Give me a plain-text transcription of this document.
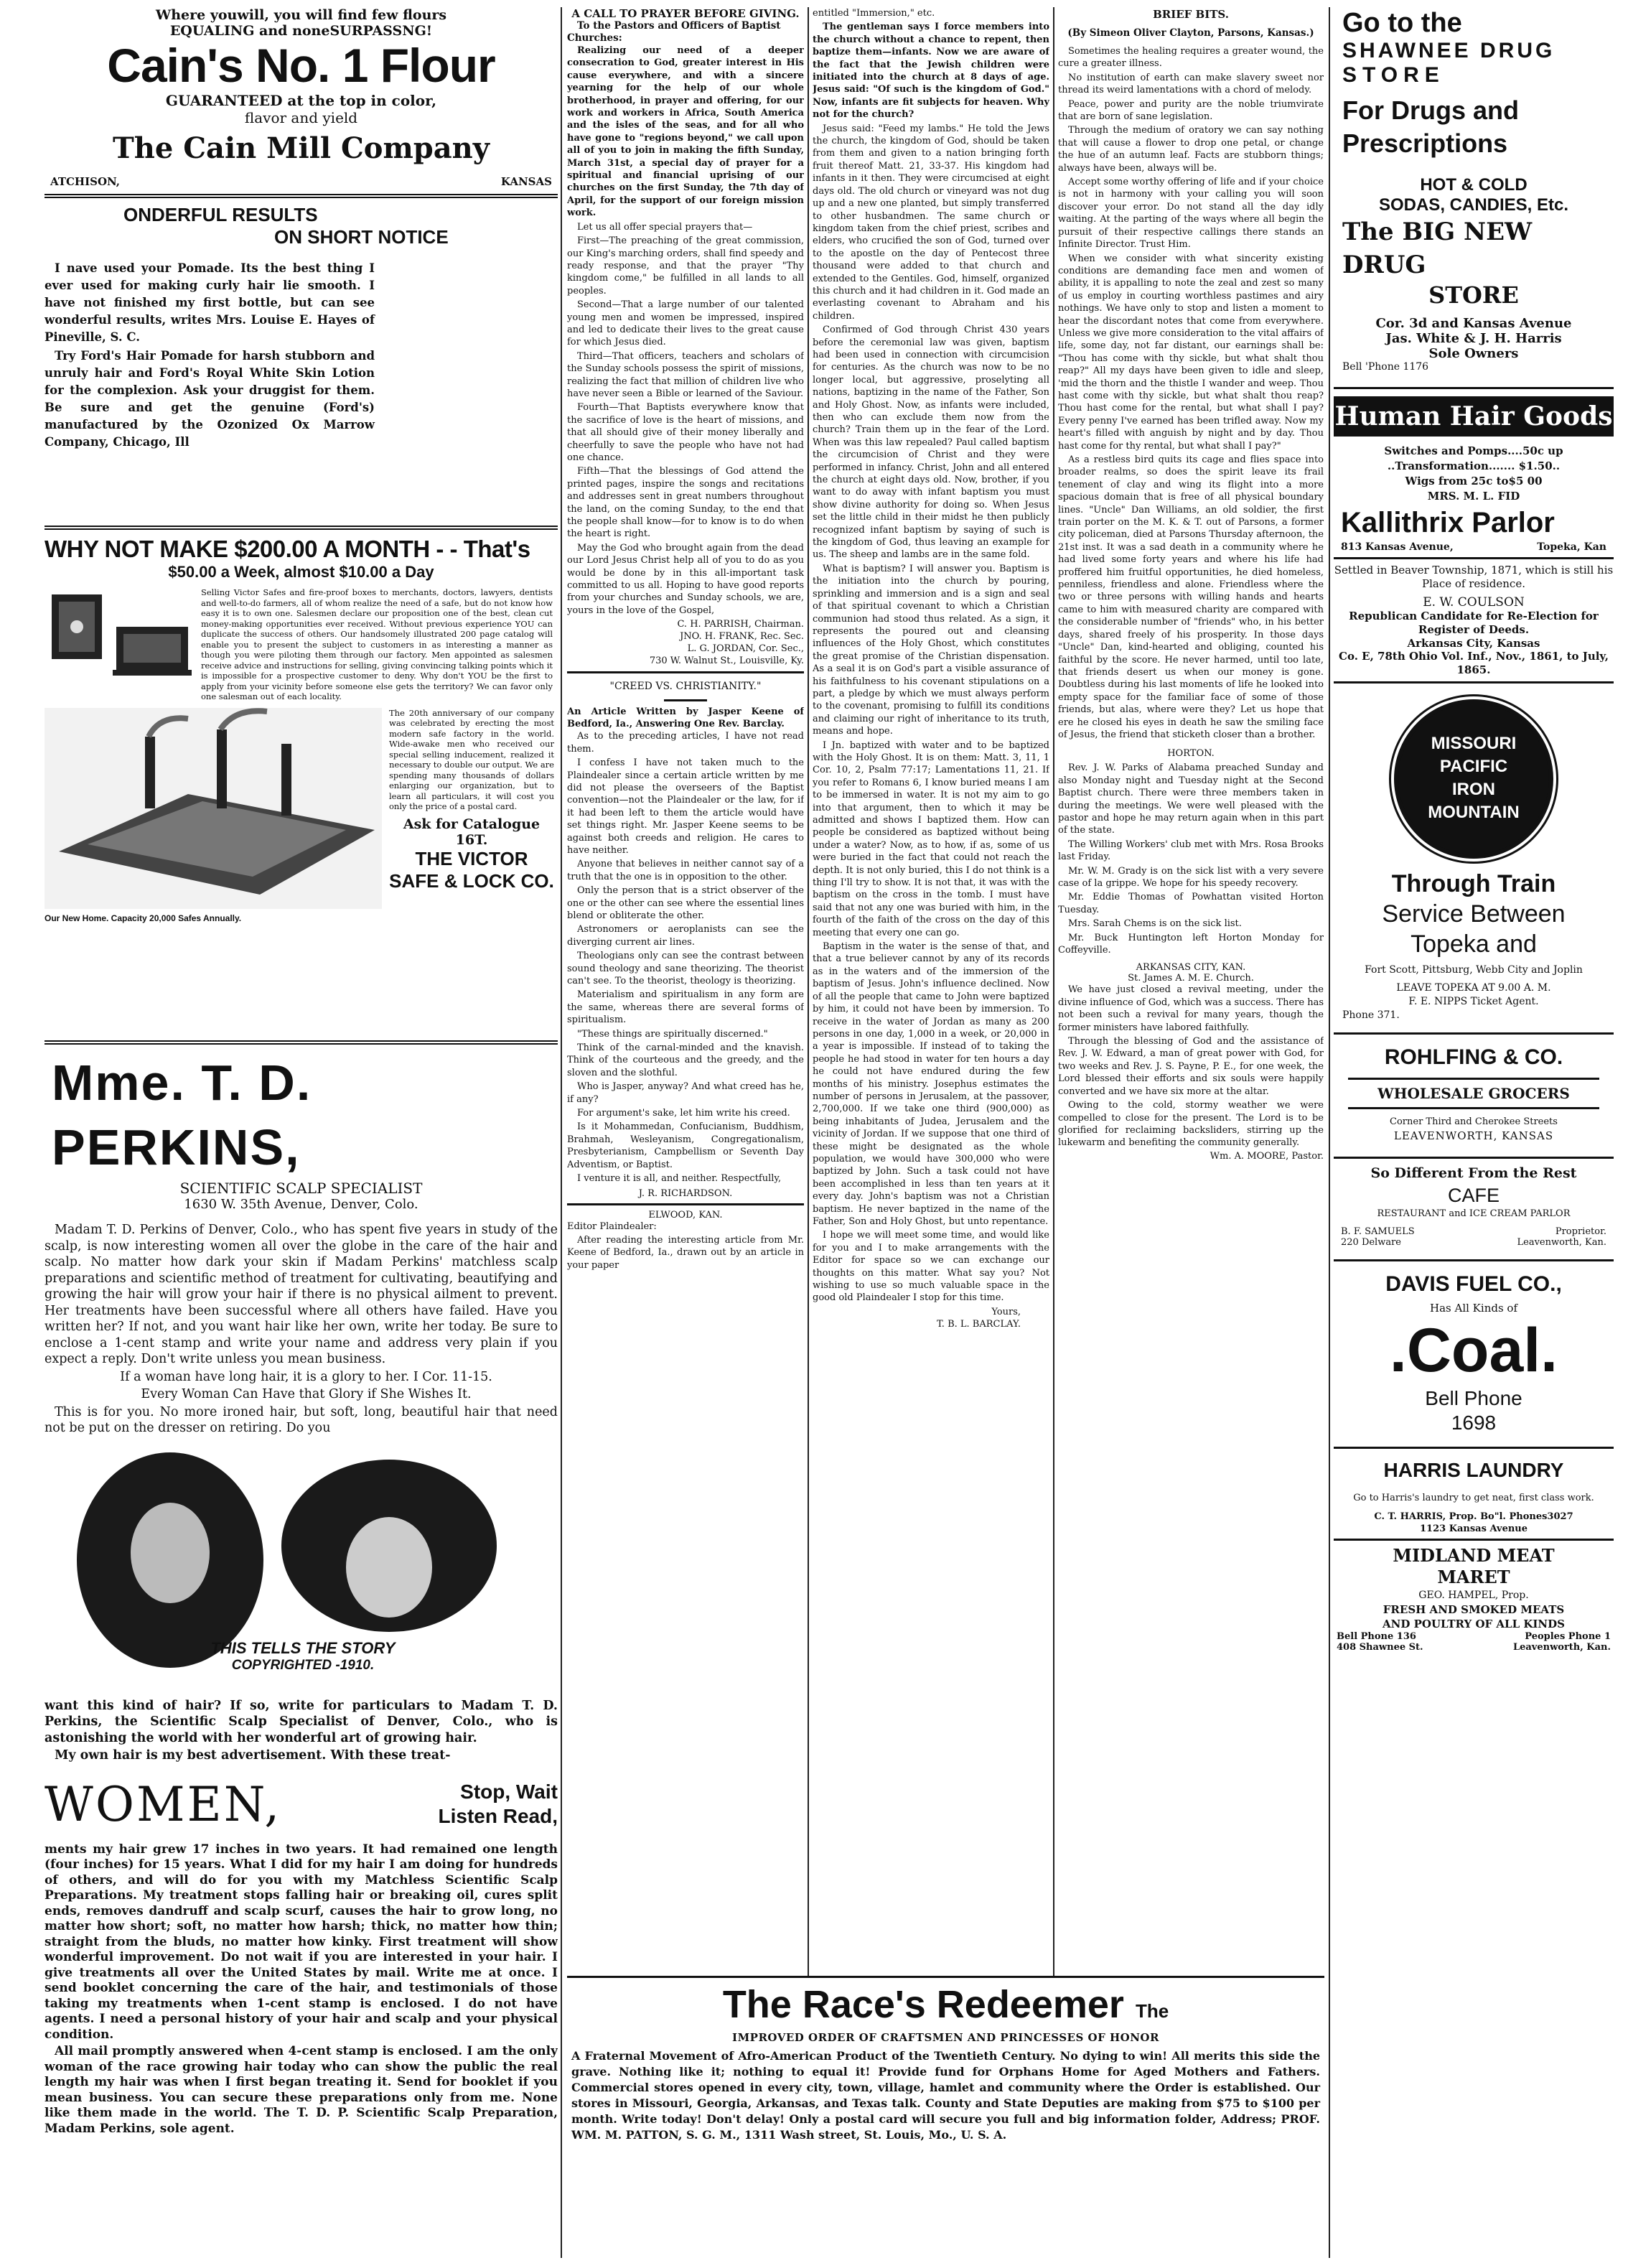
Where youwill, you will find few flours
EQUALING and noneSURPASSNG!
Cain's No. 1 Flour
GUARANTEED at the top in color,
flavor and yield
The Cain Mill Company
ATCHISON,	KANSAS
ONDERFUL RESULTS
ON SHORT NOTICE

I nave used your Pomade. Its the best thing I ever used for making curly hair lie smooth. I have not finished my first bottle, but can see wonderful results, writes Mrs. Louise E. Hayes of Pineville, S. C.

Try Ford's Hair Pomade for harsh stubborn and unruly hair and Ford's Royal White Skin Lotion for the complexion. Ask your druggist for them. Be sure and get the genuine (Ford's) manufactured by the Ozonized Ox Marrow Company, Chicago, Ill

WHY NOT MAKE $200.00 A MONTH - - That's
$50.00 a Week, almost $10.00 a Day
Selling Victor Safes and fire-proof boxes to merchants, doctors, lawyers, dentists and well-to-do farmers, all of whom realize the need of a safe, but do not know how easy it is to own one. Salesmen declare our proposition one of the best, clean cut money-making opportunities ever received. Without previous experience YOU can duplicate the success of others. Our handsomely illustrated 200 page catalog will enable you to present the subject to customers in as interesting a manner as though you were piloting them through our factory. Men appointed as salesmen receive advice and instructions for selling, giving convincing talking points which it is impossible for a prospective customer to deny. Why don't YOU be the first to apply from your vicinity before someone else gets the territory? We can favor only one salesman out of each locality.
The 20th anniversary of our company was celebrated by erecting the most modern safe factory in the world. Wide-awake men who received our special selling inducement, realized it necessary to double our output. We are spending many thousands of dollars enlarging our organization, but to learn all particulars, it will cost you only the price of a postal card.
Ask for Catalogue 16T.
THE VICTOR
SAFE & LOCK CO.
Our New Home. Capacity 20,000 Safes Annually.
Mme. T. D. PERKINS,
SCIENTIFIC SCALP SPECIALIST
1630 W. 35th Avenue, Denver, Colo.

Madam T. D. Perkins of Denver, Colo., who has spent five years in study of the scalp, is now interesting women all over the globe in the care of the hair and scalp. No matter how dark your skin if Madam Perkins' matchless scalp preparations and scientific method of treatment for cultivating, beautifying and growing the hair will grow your hair if there is no physical ailment to prevent. Her treatments have been successful where all others have failed. Have you written her? If not, and you want hair like her own, write her today. Be sure to enclose a 1-cent stamp and write your name and address very plain if you expect a reply. Don't write unless you mean business.

If a woman have long hair, it is a glory to her. I Cor. 11-15.

Every Woman Can Have that Glory if She Wishes It.

This is for you. No more ironed hair, but soft, long, beautiful hair that need not be put on the dresser on retiring. Do you

THIS TELLS THE STORY
COPYRIGHTED -1910.

want this kind of hair? If so, write for particulars to Madam T. D. Perkins, the Scientific Scalp Specialist of Denver, Colo., who is astonishing the world with her wonderful art of growing hair.

My own hair is my best advertisement. With these treat-

WOMEN,	Stop, Wait
Listen Read,

ments my hair grew 17 inches in two years. It had remained one length (four inches) for 15 years. What I did for my hair I am doing for hundreds of others, and will do for you with my Matchless Scientific Scalp Preparations. My treatment stops falling hair or breaking oil, cures split ends, removes dandruff and scalp scurf, causes the hair to grow long, no matter how short; soft, no matter how harsh; thick, no matter how thin; straight from the bluds, no matter how kinky. First treatment will show wonderful improvement. Do not wait if you are interested in your hair. I give treatments all over the United States by mail. Write me at once. I send booklet concerning the care of the hair, and testimonials of those taking my treatments when 1-cent stamp is enclosed. I do not have agents. I need a personal history of your hair and scalp and your physical condition.

All mail promptly answered when 4-cent stamp is enclosed. I am the only woman of the race growing hair today who can show the public the real length my hair was when I first began treating it. Send for booklet if you mean business. You can secure these preparations only from me. None like them made in the world. The T. D. P. Scientific Scalp Preparation, Madam Perkins, sole agent.

A CALL TO PRAYER BEFORE GIVING.
To the Pastors and Officers of Baptist Churches:

Realizing our need of a deeper consecration to God, greater interest in His cause everywhere, and with a sincere yearning for the help of our whole brotherhood, in prayer and offering, for our work and workers in Africa, South America and the isles of the seas, and for all who have gone to "regions beyond," we call upon all of you to join in making the fifth Sunday, March 31st, a special day of prayer for a spiritual and financial uprising of our churches on the first Sunday, the 7th day of April, for the support of our foreign mission work.

Let us all offer special prayers that—

First—The preaching of the great commission, our King's marching orders, shall find speedy and ready response, and that the prayer "Thy kingdom come," be fulfilled in all lands to all peoples.

Second—That a large number of our talented young men and women be impressed, inspired and led to dedicate their lives to the great cause for which Jesus died.

Third—That officers, teachers and scholars of the Sunday schools possess the spirit of missions, realizing the fact that million of children live who have never seen a Bible or learned of the Saviour.

Fourth—That Baptists everywhere know that the sacrifice of love is the heart of missions, and that all should give of their money liberally and cheerfully to save the people who have not had one chance.

Fifth—That the blessings of God attend the printed pages, inspire the songs and recitations and addresses sent in great numbers throughout the land, on the coming Sunday, to the end that the people shall know—for to know is to do when the heart is right.

May the God who brought again from the dead our Lord Jesus Christ help all of you to do as you would be done by in this all-important task committed to us all. Hoping to have good reports from your churches and Sunday schools, we are, yours in the love of the Gospel,

C. H. PARRISH, Chairman.
JNO. H. FRANK, Rec. Sec.
L. G. JORDAN, Cor. Sec.,
730 W. Walnut St., Louisville, Ky.
"CREED VS. CHRISTIANITY."
An Article Written by Jasper Keene of Bedford, Ia., Answering One Rev. Barclay.

As to the preceding articles, I have not read them.

I confess I have not taken much to the Plaindealer since a certain article written by me did not please the overseers of the Baptist convention—not the Plaindealer or the law, for if it had been left to them the article would have set things right. Mr. Jasper Keene seems to be against both creeds and religion. He cares to have neither.

Anyone that believes in neither cannot say of a truth that the one is in opposition to the other.

Only the person that is a strict observer of the one or the other can see where the essential lines blend or obliterate the other.

Astronomers or aeroplanists can see the diverging current air lines.

Theologians only can see the contrast between sound theology and sane theorizing. The theorist can't see. To the theorist, theology is theorizing.

Materialism and spiritualism in any form are the same, whereas there are several forms of spiritualism.

"These things are spiritually discerned."

Think of the carnal-minded and the knavish. Think of the courteous and the greedy, and the sloven and the slothful.

Who is Jasper, anyway? And what creed has he, if any?

For argument's sake, let him write his creed.

Is it Mohammedan, Confucianism, Buddhism, Brahmah, Wesleyanism, Congregationalism, Presbyterianism, Campbellism or Seventh Day Adventism, or Baptist.

I venture it is all, and neither. Respectfully,

J. R. RICHARDSON.
ELWOOD, KAN.

Editor Plaindealer:

After reading the interesting article from Mr. Keene of Bedford, Ia., drawn out by an article in your paper

entitled "Immersion," etc.

The gentleman says I force members into the church without a chance to repent, then baptize them—infants. Now we are aware of the fact that the Jewish children were initiated into the church at 8 days of age. Jesus said: "Of such is the kingdom of God." Now, infants are fit subjects for heaven. Why not for the church?

Jesus said: "Feed my lambs." He told the Jews the church, the kingdom of God, should be taken from them and given to a nation bringing forth fruit thereof Matt. 21, 33-37. His kingdom had infants in it then. They were circumcised at eight days old. The old church or vineyard was not dug up and a new one planted, but simply transferred to other husbandmen. The same church or kingdom taken from the chief priest, scribes and elders, who crucified the son of God, turned over to the apostle on the day of Pentecost three thousand were added to that church and extended to the Gentiles. God, himself, organized this church and it had children in it. God made an everlasting covenant to Abraham and his children.

Confirmed of God through Christ 430 years before the ceremonial law was given, baptism had been used in connection with circumcision for centuries. As the church was now to be no longer local, but aggressive, proselyting all nations, baptizing in the name of the Father, Son and Holy Ghost. Now, as infants were included, then who can exclude them now from the church? Train them up in the fear of the Lord. When was this law repealed? Paul called baptism the circumcision of Christ and they were performed in infancy. Christ, John and all entered the church at eight days old. Now, brother, if you want to do away with infant baptism you must show divine authority for doing so. When Jesus set the little child in their midst he then publicly recognized infant baptism by saying of such is the kingdom of God, thus leaving an example for us. The sheep and lambs are in the same fold.

What is baptism? I will answer you. Baptism is the initiation into the church by pouring, sprinkling and immersion and is a sign and seal of that spiritual covenant to which a Christian communion had stood thus related. As a sign, it represents the poured out and cleansing influences of the Holy Ghost, which constitutes the great promise of the Christian dispensation. As a seal it is on God's part a visible assurance of his faithfulness to his covenant stipulations on a part, a pledge by which we must always perform to the covenant, promising to fulfill its conditions and claiming our right of inheritance to its truth, means and hope.

I Jn. baptized with water and to be baptized with the Holy Ghost. It is on them: Matt. 3, 11, 1 Cor. 10, 2, Psalm 77:17; Lamentations 11, 21. If you refer to Romans 6, I know buried means I am to be immersed in water. It is not my aim to go into that argument, then to which it may be admitted and shows I baptized them. How can people be considered as baptized without being under a water? Now, as to how, if as, some of us were buried in the fact that could not reach the depth. It is not only buried, this I do not think is a thing I'll try to show. It is not that, it was with the baptism on the cross in the tomb. I must have said that not any one was buried with him, in the fourth of the faith of the cross on the day of this meeting that every one can go.

Baptism in the water is the sense of that, and that a true believer cannot by any of its records as in the waters and of the immersion of the baptism of Jesus. John's influence declined. Now of all the people that came to John were baptized by him, it could not have been by immersion. To receive in the water of Jordan as many as 200 persons in one day, 1,000 in a week, or 20,000 in a year is impossible. If instead of to taking the people he had stood in water for ten hours a day he could not have endured during the few months of his ministry. Josephus estimates the number of persons in Jerusalem, at the passover, 2,700,000. If we take one third (900,000) as being inhabitants of Judea, Jerusalem and the vicinity of Jordan. If we suppose that one third of these might be designated as the whole population, we would have 300,000 who were baptized by John. Such a task could not have been accomplished in less than ten years at it every day. John's baptism was not a Christian baptism. He never baptized in the name of the Father, Son and Holy Ghost, but unto repentance.

I hope we will meet some time, and would like for you and I to make arrangements with the Editor for space so we can exchange our thoughts on this matter. What say you? Not wishing to use so much valuable space in the good old Plaindealer I stop for this time.

Yours,
T. B. L. BARCLAY.
BRIEF BITS.
(By Simeon Oliver Clayton, Parsons, Kansas.)

Sometimes the healing requires a greater wound, the cure a greater illness.

No institution of earth can make slavery sweet nor thread its weird lamentations with a chord of melody.

Peace, power and purity are the noble triumvirate that are born of sane legislation.

Through the medium of oratory we can say nothing that will cause a flower to drop one petal, or change the hue of an autumn leaf. Facts are stubborn things; always have been, always will be.

Accept some worthy offering of life and if your choice is not in harmony with your calling you will soon discover your error. Do not stand all the day idly waiting. At the parting of the ways where all begin the pursuit of their respective callings there stands an Infinite Director. Trust Him.

When we consider with what sincerity existing conditions are demanding face men and women of ability, it is appalling to note the zeal and zest so many of us employ in courting worthless pastimes and airy nothings. We have only to stop and listen a moment to hear the discordant notes that come from everywhere. Unless we give more consideration to the vital affairs of life, some day, not far distant, our earnings shall be: "Thou has come with thy sickle, but what shalt thou reap?" All my days have been given to idle and sleep, 'mid the thorn and the thistle I wander and weep. Thou hast come with thy sickle, but what shalt thou reap? Thou hast come for the rental, but what shall I pay? Every penny I've earned has been trifled away. Now my heart's filled with anguish by night and by day. Thou hast come for thy rental, but what shall I pay?"

As a restless bird quits its cage and flies space into broader realms, so does the spirit leave its frail tenement of clay and wing its flight into a more spacious domain that is free of all physical boundary lines. "Uncle" Dan Williams, an old soldier, the first train porter on the M. K. & T. out of Parsons, a former city policeman, died at Parsons Thursday afternoon, the 21st inst. It was a sad death in a community where he had lived some forty years and where his life had proffered him fruitful opportunities, he died homeless, penniless, friendless and alone. Friendless where the two or three persons with willing hands and hearts came to him with measured charity are compared with the considerable number of "friends" who, in his better days, shared freely of his prosperity. In those days "Uncle" Dan, kind-hearted and obliging, counted his faithful by the score. He never harmed, until too late, that friends desert us when our money is gone. Doubtless during his last moments of life he looked into empty space for the familiar face of some of those friends, but alas, where were they? Let us hope that ere he closed his eyes in death he saw the smiling face of Jesus, the friend that sticketh closer than a brother.

HORTON.

Rev. J. W. Parks of Alabama preached Sunday and also Monday night and Tuesday night at the Second Baptist church. There were three members taken in during the meetings. We were well pleased with the pastor and hope he may return again when in this part of the state.

The Willing Workers' club met with Mrs. Rosa Brooks last Friday.

Mr. W. M. Grady is on the sick list with a very severe case of la grippe. We hope for his speedy recovery.

Mr. Eddie Thomas of Powhattan visited Horton Tuesday.

Mrs. Sarah Chems is on the sick list.

Mr. Buck Huntington left Horton Monday for Coffeyville.

ARKANSAS CITY, KAN.
St. James A. M. E. Church.

We have just closed a revival meeting, under the divine influence of God, which was a success. There has not been such a revival for many years, though the former ministers have labored faithfully.

Through the blessing of God and the assistance of Rev. J. W. Edward, a man of great power with God, for two weeks and Rev. J. S. Payne, P. E., for one week, the Lord blessed their efforts and six souls were happily converted and we have six more at the altar.

Owing to the cold, stormy weather we were compelled to close for the present. The Lord is to be glorified for reclaiming backsliders, stirring up the lukewarm and benefiting the community generally.

Wm. A. MOORE, Pastor.
The Race's Redeemer The
IMPROVED ORDER OF CRAFTSMEN AND PRINCESSES OF HONOR
A Fraternal Movement of Afro-American Product of the Twentieth Century. No dying to win! All merits this side the grave. Nothing like it; nothing to equal it! Provide fund for Orphans Home for Aged Mothers and Fathers. Commercial stores opened in every city, town, village, hamlet and community where the Order is established. Our stores in Missouri, Georgia, Arkansas, and Texas talk. County and State Deputies are making from $75 to $100 per month. Write today! Don't delay! Only a postal card will secure you full and big information folder, Address; PROF. WM. M. PATTON, S. G. M., 1311 Wash street, St. Louis, Mo., U. S. A.
Go to the
SHAWNEE DRUG
STORE
For Drugs and
Prescriptions
HOT & COLD
SODAS, CANDIES, Etc.
The BIG NEW DRUG
STORE
Cor. 3d and Kansas Avenue
Jas. White & J. H. Harris
Sole Owners
Bell 'Phone 1176
Human Hair Goods
Switches and Pomps....50c up
..Transformation....... $1.50..
Wigs from 25c to$5 00
MRS. M. L. FID
Kallithrix Parlor
813 Kansas Avenue,	Topeka, Kan
Settled in Beaver Township, 1871, which is still his Place of residence.
E. W. COULSON
Republican Candidate for Re-Election for Register of Deeds.
Arkansas City, Kansas
Co. E, 78th Ohio Vol. Inf., Nov., 1861, to July, 1865.
MISSOURI
PACIFIC
IRON
MOUNTAIN
Through Train
Service Between
Topeka and
Fort Scott, Pittsburg, Webb City and Joplin
LEAVE TOPEKA AT 9.00 A. M.
F. E. NIPPS Ticket Agent.
Phone 371.
ROHLFING & CO.
WHOLESALE GROCERS
Corner Third and Cherokee Streets
LEAVENWORTH, KANSAS
So Different From the Rest
CAFE
RESTAURANT and ICE CREAM PARLOR
B. F. SAMUELS	Proprietor.
220 Delware	Leavenworth, Kan.
DAVIS FUEL CO.,
Has All Kinds of
.Coal.
Bell Phone
1698
HARRIS LAUNDRY
Go to Harris's laundry to get neat, first class work.
C. T. HARRIS, Prop. Bo"l. Phones3027
1123 Kansas Avenue
MIDLAND MEAT
MARET
GEO. HAMPEL, Prop.
FRESH AND SMOKED MEATS
AND POULTRY OF ALL KINDS
Bell Phone 136	Peoples Phone 1
408 Shawnee St.	Leavenworth, Kan.
